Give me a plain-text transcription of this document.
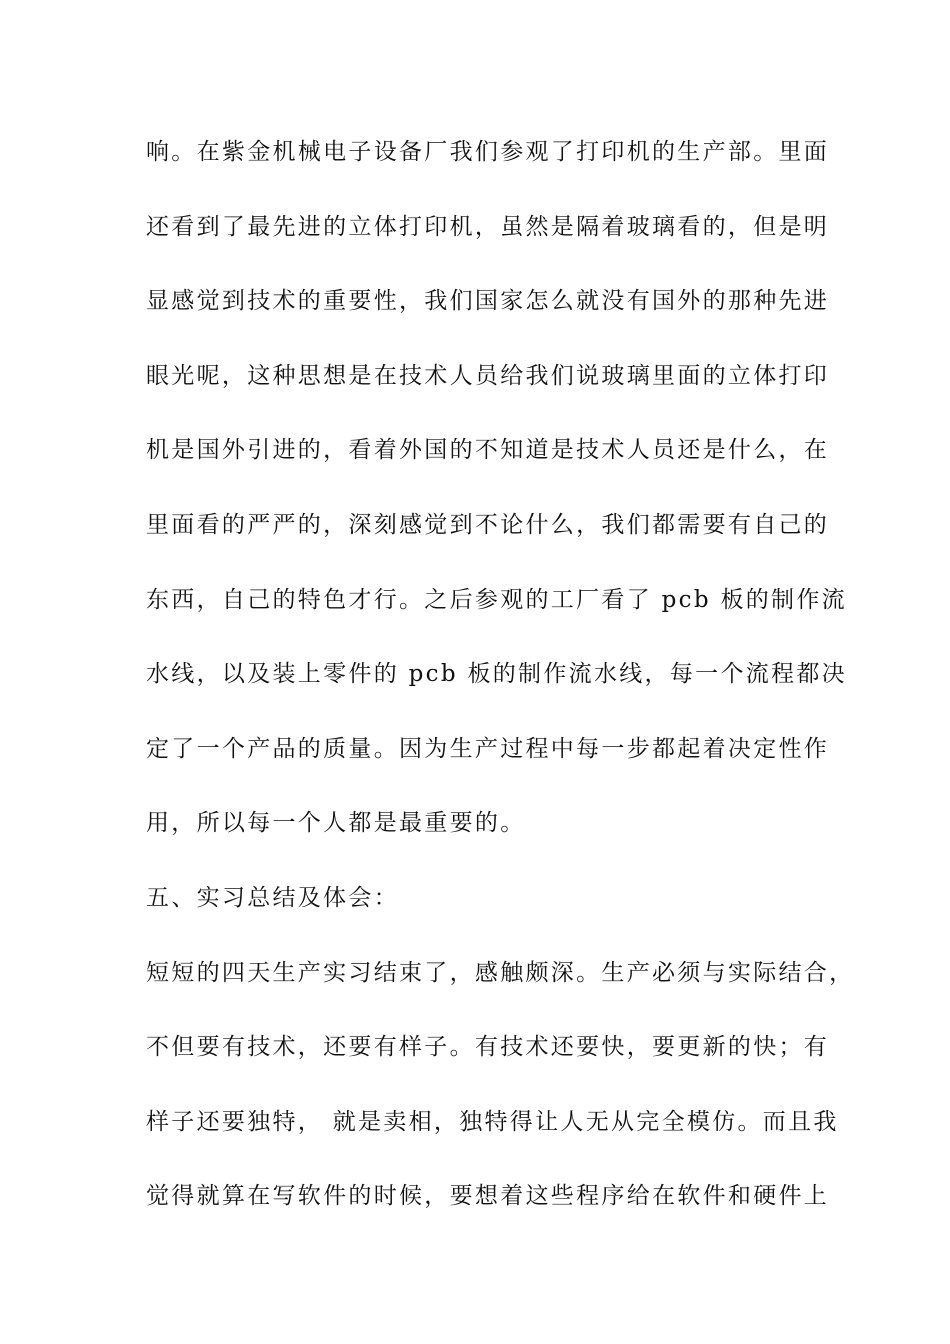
响。在紫金机械电子设备厂我们参观了打印机的生产部。里面
还看到了最先进的立体打印机，虽然是隔着玻璃看的，但是明
显感觉到技术的重要性，我们国家怎么就没有国外的那种先进
眼光呢，这种思想是在技术人员给我们说玻璃里面的立体打印
机是国外引进的，看着外国的不知道是技术人员还是什么，在
里面看的严严的，深刻感觉到不论什么，我们都需要有自己的
东西，自己的特色才行。之后参观的工厂看了 pcb 板的制作流
水线，以及装上零件的 pcb 板的制作流水线，每一个流程都决
定了一个产品的质量。因为生产过程中每一步都起着决定性作
用，所以每一个人都是最重要的。
五、实习总结及体会：
短短的四天生产实习结束了，感触颇深。生产必须与实际结合，
不但要有技术，还要有样子。有技术还要快，要更新的快；有
样子还要独特， 就是卖相，独特得让人无从完全模仿。而且我
觉得就算在写软件的时候，要想着这些程序给在软件和硬件上
